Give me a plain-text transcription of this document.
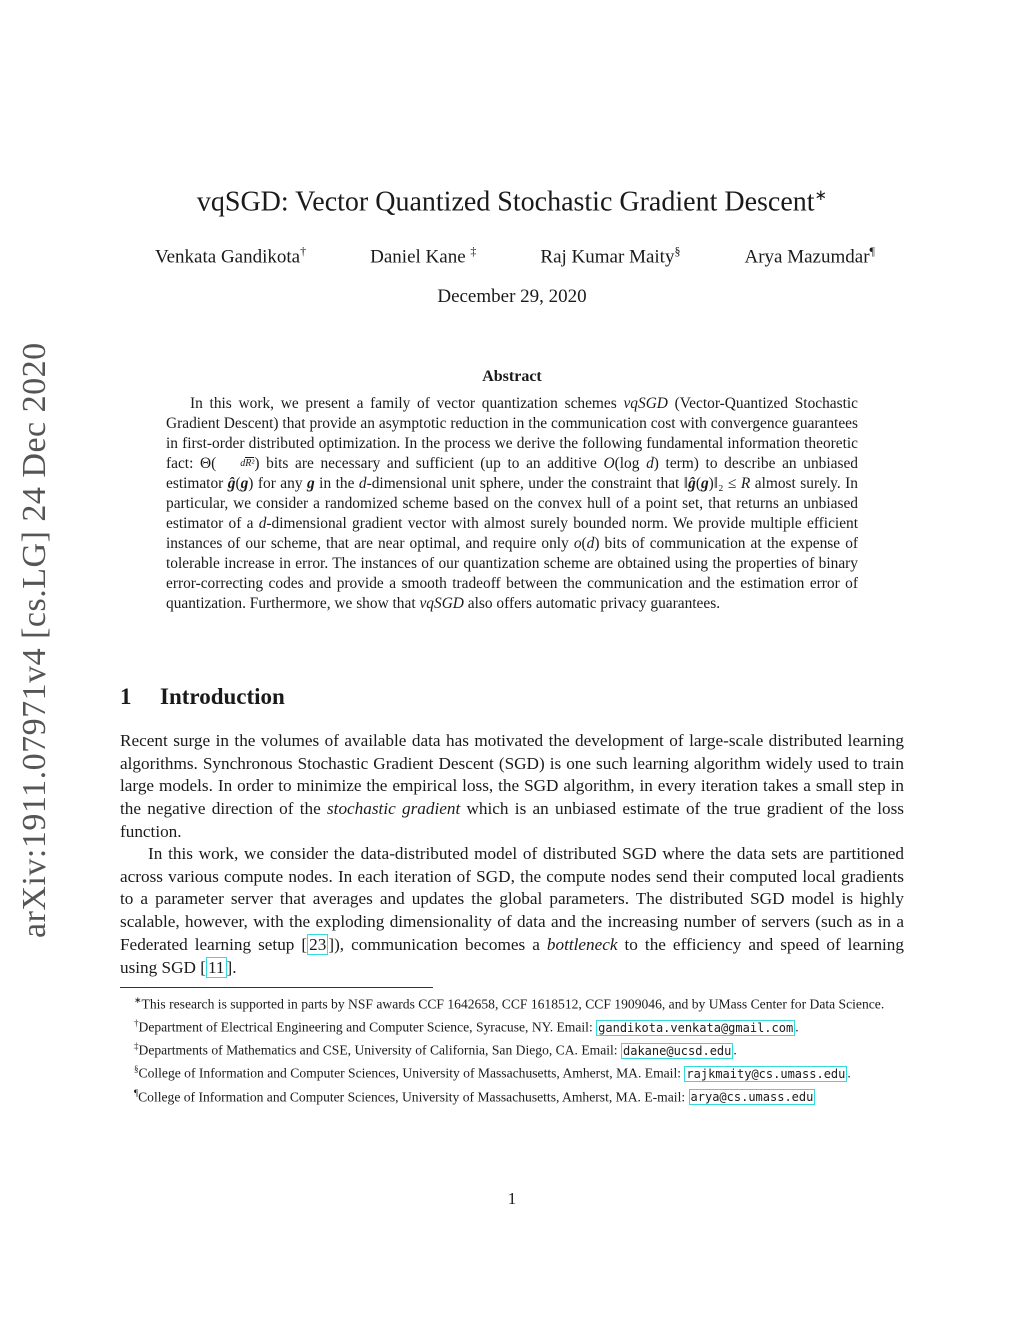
arXiv:1911.07971v4 [cs.LG] 24 Dec 2020
vqSGD: Vector Quantized Stochastic Gradient Descent∗
Venkata Gandikota†	Daniel Kane ‡	Raj Kumar Maity§	Arya Mazumdar¶
December 29, 2020
Abstract

In this work, we present a family of vector quantization schemes vqSGD (Vector-Quantized Stochastic Gradient Descent) that provide an asymptotic reduction in the communication cost with convergence guarantees in first-order distributed optimization. In the process we derive the following fundamental information theoretic fact: Θ( dR²) bits are necessary and sufficient (up to an additive O(log d) term) to describe an unbiased estimator ĝ(g) for any g in the d-dimensional unit sphere, under the constraint that ‖ĝ(g)‖₂ ≤ R almost surely. In particular, we consider a randomized scheme based on the convex hull of a point set, that returns an unbiased estimator of a d-dimensional gradient vector with almost surely bounded norm. We provide multiple efficient instances of our scheme, that are near optimal, and require only o(d) bits of communication at the expense of tolerable increase in error. The instances of our quantization scheme are obtained using the properties of binary error-correcting codes and provide a smooth tradeoff between the communication and the estimation error of quantization. Furthermore, we show that vqSGD also offers automatic privacy guarantees.

1 Introduction

Recent surge in the volumes of available data has motivated the development of large-scale distributed learning algorithms. Synchronous Stochastic Gradient Descent (SGD) is one such learning algorithm widely used to train large models. In order to minimize the empirical loss, the SGD algorithm, in every iteration takes a small step in the negative direction of the stochastic gradient which is an unbiased estimate of the true gradient of the loss function.

In this work, we consider the data-distributed model of distributed SGD where the data sets are partitioned across various compute nodes. In each iteration of SGD, the compute nodes send their computed local gradients to a parameter server that averages and updates the global parameters. The distributed SGD model is highly scalable, however, with the exploding dimensionality of data and the increasing number of servers (such as in a Federated learning setup [ 23 ]), communication becomes a bottleneck to the efficiency and speed of learning using SGD [ 11 ].

∗This research is supported in parts by NSF awards CCF 1642658, CCF 1618512, CCF 1909046, and by UMass Center for Data Science.

†Department of Electrical Engineering and Computer Science, Syracuse, NY. Email: gandikota.venkata@gmail.com .

‡Departments of Mathematics and CSE, University of California, San Diego, CA. Email: dakane@ucsd.edu .

§College of Information and Computer Sciences, University of Massachusetts, Amherst, MA. Email: rajkmaity@cs.umass.edu .

¶College of Information and Computer Sciences, University of Massachusetts, Amherst, MA. E-mail: arya@cs.umass.edu

1
